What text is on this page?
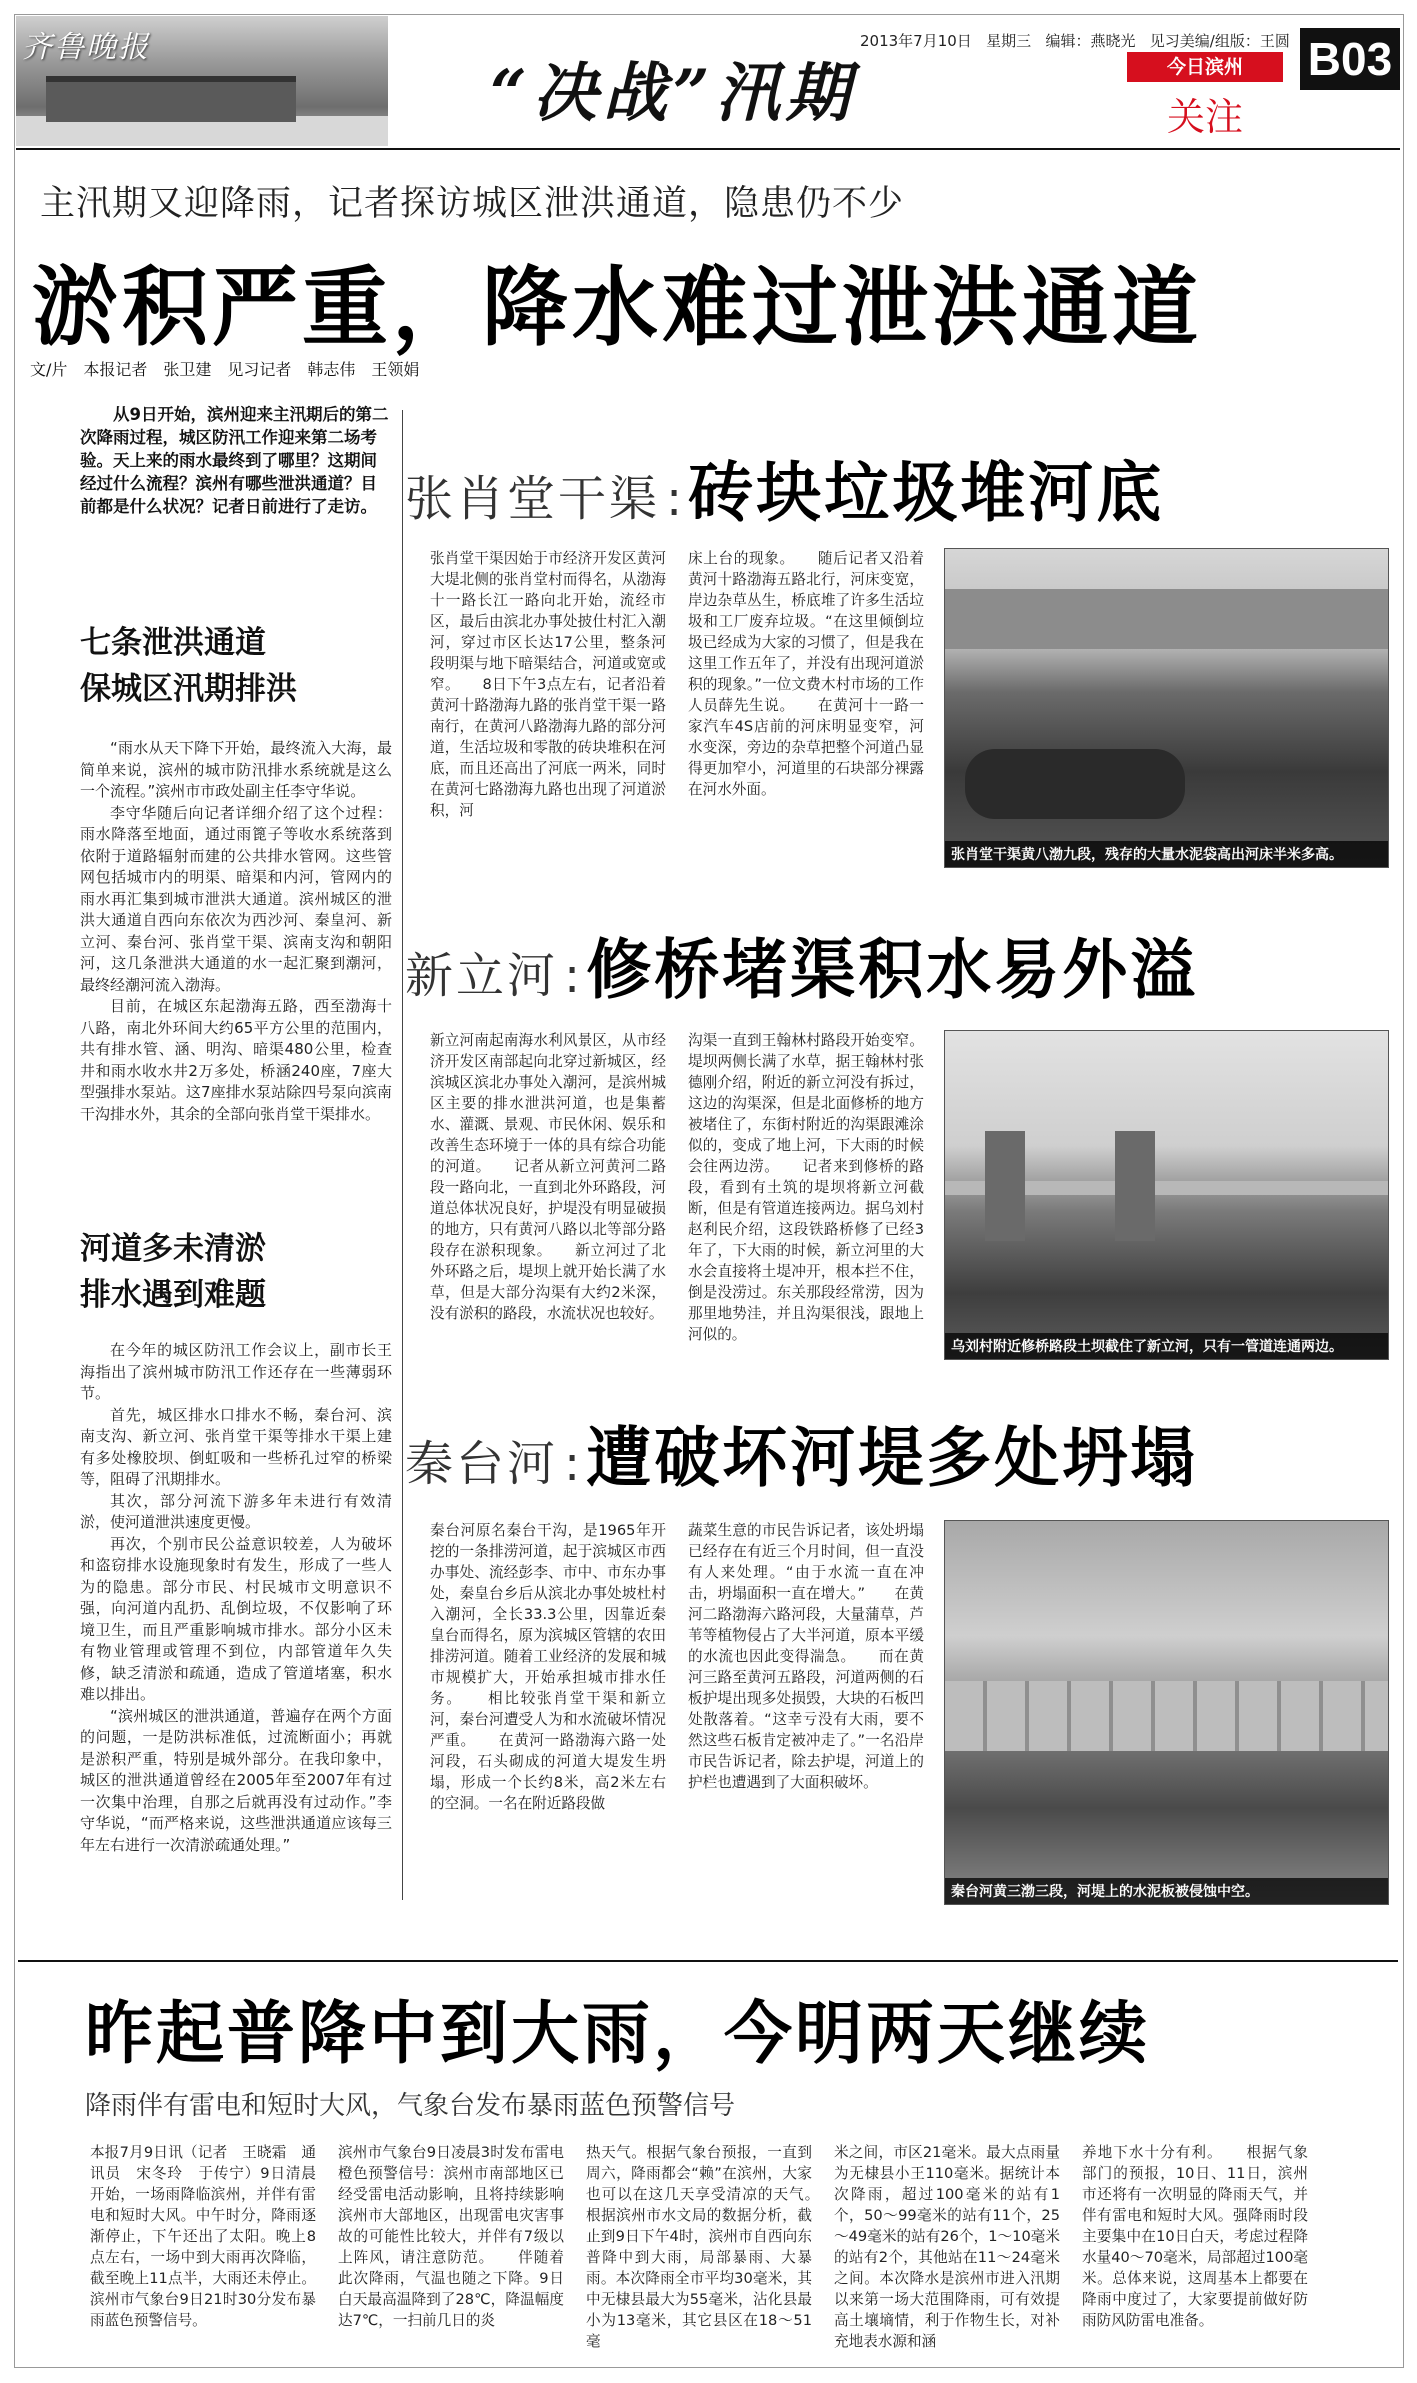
齐鲁晚报
“决战”汛期
2013年7月10日 星期三 编辑：燕晓光 见习美编/组版：王圆
今日滨州
关注
B03
主汛期又迎降雨，记者探访城区泄洪通道，隐患仍不少
淤积严重，降水难过泄洪通道
文/片　本报记者　张卫建　见习记者　韩志伟　王领娟

从9日开始，滨州迎来主汛期后的第二次降雨过程，城区防汛工作迎来第二场考验。天上来的雨水最终到了哪里？这期间经过什么流程？滨州有哪些泄洪通道？目前都是什么状况？记者日前进行了走访。

七条泄洪通道
保城区汛期排洪

“雨水从天下降下开始，最终流入大海，最简单来说，滨州的城市防汛排水系统就是这么一个流程。”滨州市市政处副主任李守华说。

李守华随后向记者详细介绍了这个过程：雨水降落至地面，通过雨篦子等收水系统落到依附于道路辐射而建的公共排水管网。这些管网包括城市内的明渠、暗渠和内河，管网内的雨水再汇集到城市泄洪大通道。滨州城区的泄洪大通道自西向东依次为西沙河、秦皇河、新立河、秦台河、张肖堂干渠、滨南支沟和朝阳河，这几条泄洪大通道的水一起汇聚到潮河，最终经潮河流入渤海。

目前，在城区东起渤海五路，西至渤海十八路，南北外环间大约65平方公里的范围内，共有排水管、涵、明沟、暗渠480公里，检查井和雨水收水井2万多处，桥涵240座，7座大型强排水泵站。这7座排水泵站除四号泵向滨南干沟排水外，其余的全部向张肖堂干渠排水。

河道多未清淤
排水遇到难题

在今年的城区防汛工作会议上，副市长王海指出了滨州城市防汛工作还存在一些薄弱环节。

首先，城区排水口排水不畅，秦台河、滨南支沟、新立河、张肖堂干渠等排水干渠上建有多处橡胶坝、倒虹吸和一些桥孔过窄的桥梁等，阻碍了汛期排水。

其次，部分河流下游多年未进行有效清淤，使河道泄洪速度更慢。

再次，个别市民公益意识较差，人为破坏和盗窃排水设施现象时有发生，形成了一些人为的隐患。部分市民、村民城市文明意识不强，向河道内乱扔、乱倒垃圾，不仅影响了环境卫生，而且严重影响城市排水。部分小区未有物业管理或管理不到位，内部管道年久失修，缺乏清淤和疏通，造成了管道堵塞，积水难以排出。

“滨州城区的泄洪通道，普遍存在两个方面的问题，一是防洪标准低，过流断面小；再就是淤积严重，特别是城外部分。在我印象中，城区的泄洪通道曾经在2005年至2007年有过一次集中治理，自那之后就再没有过动作。”李守华说，“而严格来说，这些泄洪通道应该每三年左右进行一次清淤疏通处理。”

张肖堂干渠 :砖块垃圾堆河底
张肖堂干渠因始于市经济开发区黄河大堤北侧的张肖堂村而得名，从渤海十一路长江一路向北开始，流经市区，最后由滨北办事处披仕村汇入潮河，穿过市区长达17公里，整条河段明渠与地下暗渠结合，河道或宽或窄。　　8日下午3点左右，记者沿着黄河十路渤海九路的张肖堂干渠一路南行，在黄河八路渤海九路的部分河道，生活垃圾和零散的砖块堆积在河底，而且还高出了河底一两米，同时在黄河七路渤海九路也出现了河道淤积，河
床上台的现象。　　随后记者又沿着黄河十路渤海五路北行，河床变宽，岸边杂草丛生，桥底堆了许多生活垃圾和工厂废弃垃圾。“在这里倾倒垃圾已经成为大家的习惯了，但是我在这里工作五年了，并没有出现河道淤积的现象。”一位文费木村市场的工作人员薛先生说。　　在黄河十一路一家汽车4S店前的河床明显变窄，河水变深，旁边的杂草把整个河道凸显得更加窄小，河道里的石块部分裸露在河水外面。
张肖堂干渠黄八渤九段，残存的大量水泥袋高出河床半米多高。
新立河 :修桥堵渠积水易外溢
新立河南起南海水利风景区，从市经济开发区南部起向北穿过新城区，经滨城区滨北办事处入潮河，是滨州城区主要的排水泄洪河道，也是集蓄水、灌溉、景观、市民休闲、娱乐和改善生态环境于一体的具有综合功能的河道。　　记者从新立河黄河二路段一路向北，一直到北外环路段，河道总体状况良好，护堤没有明显破损的地方，只有黄河八路以北等部分路段存在淤积现象。　　新立河过了北外环路之后，堤坝上就开始长满了水草，但是大部分沟渠有大约2米深，没有淤积的路段，水流状况也较好。
沟渠一直到王翰林村路段开始变窄。堤坝两侧长满了水草，据王翰林村张德刚介绍，附近的新立河没有拆过，这边的沟渠深，但是北面修桥的地方被堵住了，东街村附近的沟渠跟滩涂似的，变成了地上河，下大雨的时候会往两边涝。　　记者来到修桥的路段，看到有土筑的堤坝将新立河截断，但是有管道连接两边。据乌刘村赵利民介绍，这段铁路桥修了已经3年了，下大雨的时候，新立河里的大水会直接将土堤冲开，根本拦不住，倒是没涝过。东关那段经常涝，因为那里地势洼，并且沟渠很浅，跟地上河似的。
乌刘村附近修桥路段土坝截住了新立河，只有一管道连通两边。
秦台河 :遭破坏河堤多处坍塌
秦台河原名秦台干沟，是1965年开挖的一条排涝河道，起于滨城区市西办事处、流经彭李、市中、市东办事处，秦皇台乡后从滨北办事处坡杜村入潮河，全长33.3公里，因靠近秦皇台而得名，原为滨城区管辖的农田排涝河道。随着工业经济的发展和城市规模扩大，开始承担城市排水任务。　　相比较张肖堂干渠和新立河，秦台河遭受人为和水流破坏情况严重。　　在黄河一路渤海六路一处河段，石头砌成的河道大堤发生坍塌，形成一个长约8米，高2米左右的空洞。一名在附近路段做
蔬菜生意的市民告诉记者，该处坍塌已经存在有近三个月时间，但一直没有人来处理。“由于水流一直在冲击，坍塌面积一直在增大。”　　在黄河二路渤海六路河段，大量蒲草，芦苇等植物侵占了大半河道，原本平缓的水流也因此变得湍急。　　而在黄河三路至黄河五路段，河道两侧的石板护堤出现多处损毁，大块的石板凹处散落着。“这幸亏没有大雨，要不然这些石板肯定被冲走了。”一名沿岸市民告诉记者，除去护堤，河道上的护栏也遭遇到了大面积破坏。
秦台河黄三渤三段，河堤上的水泥板被侵蚀中空。
昨起普降中到大雨，今明两天继续
降雨伴有雷电和短时大风，气象台发布暴雨蓝色预警信号
本报7月9日讯（记者　王晓霜　通讯员　宋冬玲　于传宁）9日清晨开始，一场雨降临滨州，并伴有雷电和短时大风。中午时分，降雨逐渐停止，下午还出了太阳。晚上8点左右，一场中到大雨再次降临，截至晚上11点半，大雨还未停止。滨州市气象台9日21时30分发布暴雨蓝色预警信号。
滨州市气象台9日凌晨3时发布雷电橙色预警信号：滨州市南部地区已经受雷电活动影响，且将持续影响滨州市大部地区，出现雷电灾害事故的可能性比较大，并伴有7级以上阵风，请注意防范。　　伴随着此次降雨，气温也随之下降。9日白天最高温降到了28℃，降温幅度达7℃，一扫前几日的炎
热天气。根据气象台预报，一直到周六，降雨都会“赖”在滨州，大家也可以在这几天享受清凉的天气。　　根据滨州市水文局的数据分析，截止到9日下午4时，滨州市自西向东普降中到大雨，局部暴雨、大暴雨。本次降雨全市平均30毫米，其中无棣县最大为55毫米，沾化县最小为13毫米，其它县区在18～51毫
米之间，市区21毫米。最大点雨量为无棣县小王110毫米。据统计本次降雨，超过100毫米的站有1个，50～99毫米的站有11个，25～49毫米的站有26个，1～10毫米的站有2个，其他站在11～24毫米之间。本次降水是滨州市进入汛期以来第一场大范围降雨，可有效提高土壤墒情，利于作物生长，对补充地表水源和涵
养地下水十分有利。　　根据气象部门的预报，10日、11日，滨州市还将有一次明显的降雨天气，并伴有雷电和短时大风。强降雨时段主要集中在10日白天，考虑过程降水量40～70毫米，局部超过100毫米。总体来说，这周基本上都要在降雨中度过了，大家要提前做好防雨防风防雷电准备。
